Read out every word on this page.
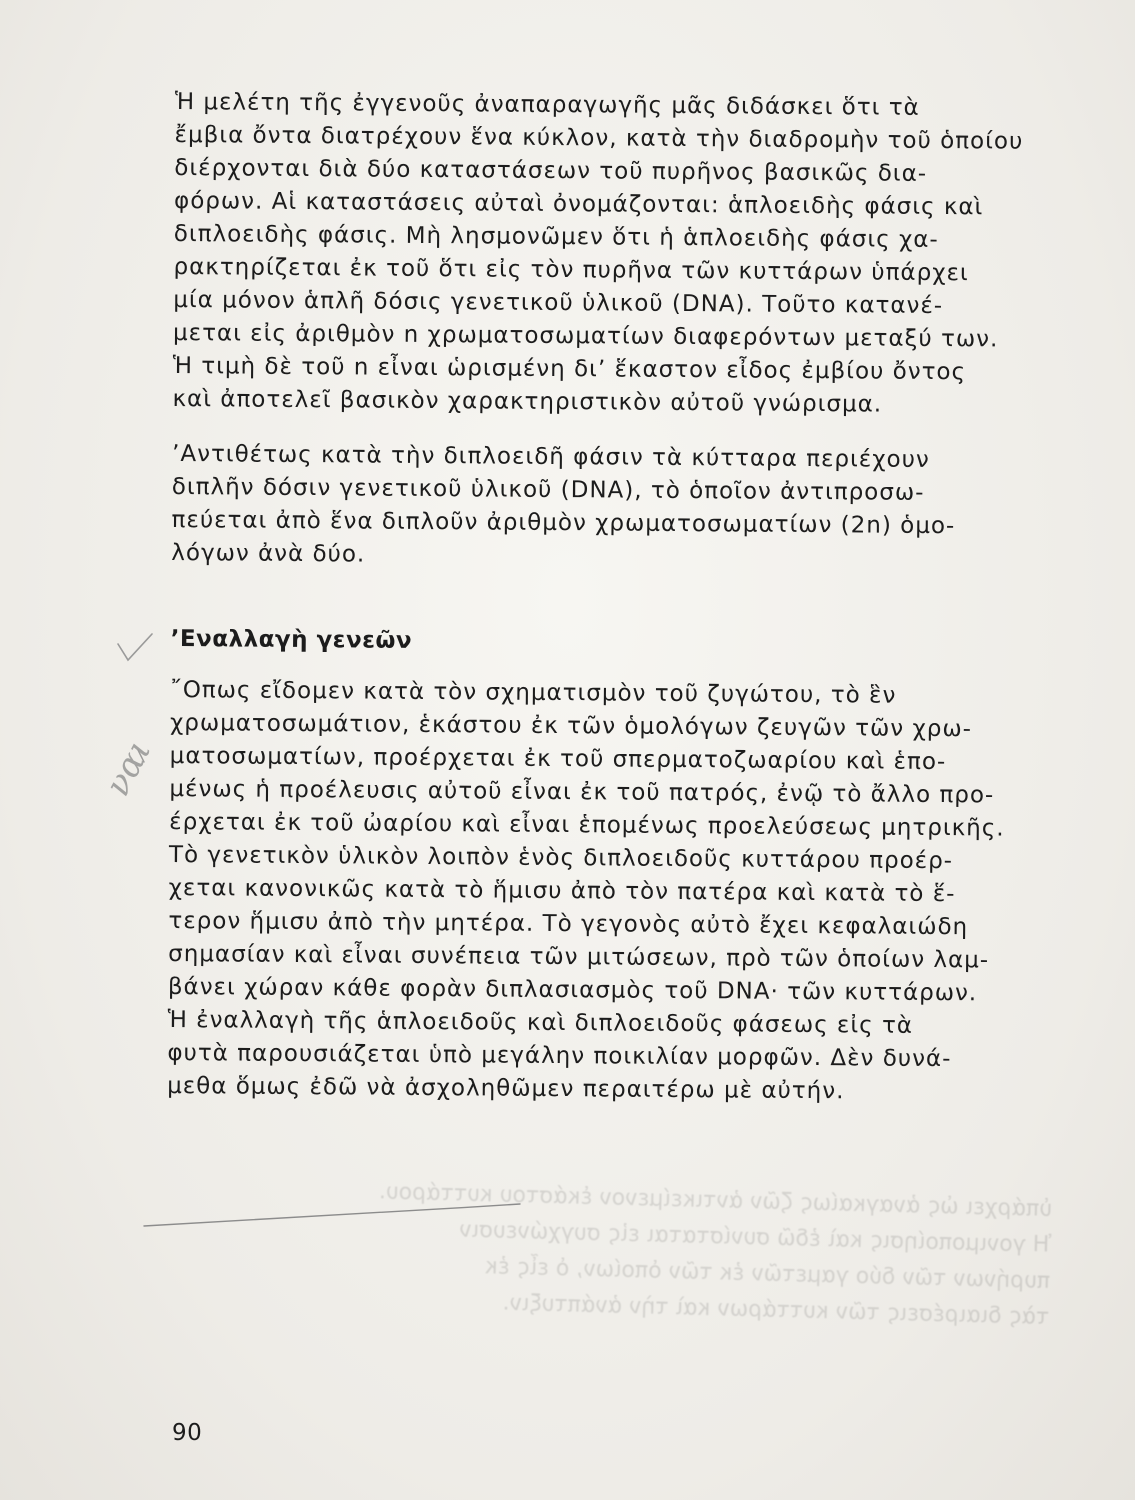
ὑπάρχει ὡς ἀναγκαίως ζῶν ἀντικείμενον ἑκάστου κυττάρου.
Ἡ γονιμοποίησις καὶ ἐδῶ συνίσταται εἰς συγχώνευσιν
πυρήνων τῶν δύο γαμετῶν ἐκ τῶν ὁποίων, ὁ εἷς ἐκ
τὰς διαιρέσεις τῶν κυττάρων καὶ τὴν ἀνάπτυξιν.

Ἡ μελέτη τῆς ἐγγενοῦς ἀναπαραγωγῆς μᾶς διδάσκει ὅτι τὰ

ἔμβια ὄντα διατρέχουν ἕνα κύκλον, κατὰ τὴν διαδρομὴν τοῦ ὁποίου

διέρχονται διὰ δύο καταστάσεων τοῦ πυρῆνος βασικῶς δια-

φόρων. Αἱ καταστάσεις αὐταὶ ὀνομάζονται: ἁπλοειδὴς φάσις καὶ

διπλοειδὴς φάσις. Μὴ λησμονῶμεν ὅτι ἡ ἁπλοειδὴς φάσις χα-

ρακτηρίζεται ἐκ τοῦ ὅτι εἰς τὸν πυρῆνα τῶν κυττάρων ὑπάρχει

μία μόνον ἁπλῆ δόσις γενετικοῦ ὑλικοῦ (DNA). Τοῦτο κατανέ-

μεται εἰς ἀριθμὸν n χρωματοσωματίων διαφερόντων μεταξύ των.

Ἡ τιμὴ δὲ τοῦ n εἶναι ὡρισμένη δι’ ἕκαστον εἶδος ἐμβίου ὄντος

καὶ ἀποτελεῖ βασικὸν χαρακτηριστικὸν αὐτοῦ γνώρισμα.

’Αντιθέτως κατὰ τὴν διπλοειδῆ φάσιν τὰ κύτταρα περιέχουν

διπλῆν δόσιν γενετικοῦ ὑλικοῦ (DNA), τὸ ὁποῖον ἀντιπροσω-

πεύεται ἀπὸ ἕνα διπλοῦν ἀριθμὸν χρωματοσωματίων (2n) ὁμο-

λόγων ἀνὰ δύο.

’Εναλλαγὴ γενεῶν

῎Οπως εἴδομεν κατὰ τὸν σχηματισμὸν τοῦ ζυγώτου, τὸ ἓν

χρωματοσωμάτιον, ἑκάστου ἐκ τῶν ὁμολόγων ζευγῶν τῶν χρω-

ματοσωματίων, προέρχεται ἐκ τοῦ σπερματοζωαρίου καὶ ἑπο-

μένως ἡ προέλευσις αὐτοῦ εἶναι ἐκ τοῦ πατρός, ἐνῷ τὸ ἄλλο προ-

έρχεται ἐκ τοῦ ὠαρίου καὶ εἶναι ἑπομένως προελεύσεως μητρικῆς.

Τὸ γενετικὸν ὑλικὸν λοιπὸν ἑνὸς διπλοειδοῦς κυττάρου προέρ-

χεται κανονικῶς κατὰ τὸ ἥμισυ ἀπὸ τὸν πατέρα καὶ κατὰ τὸ ἕ-

τερον ἥμισυ ἀπὸ τὴν μητέρα. Τὸ γεγονὸς αὐτὸ ἔχει κεφαλαιώδη

σημασίαν καὶ εἶναι συνέπεια τῶν μιτώσεων, πρὸ τῶν ὁποίων λαμ-

βάνει χώραν κάθε φορὰν διπλασιασμὸς τοῦ DNA· τῶν κυττάρων.

Ἡ ἐναλλαγὴ τῆς ἁπλοειδοῦς καὶ διπλοειδοῦς φάσεως εἰς τὰ

φυτὰ παρουσιάζεται ὑπὸ μεγάλην ποικιλίαν μορφῶν. Δὲν δυνά-

μεθα ὅμως ἐδῶ νὰ ἀσχοληθῶμεν περαιτέρω μὲ αὐτήν.

ναι
90
